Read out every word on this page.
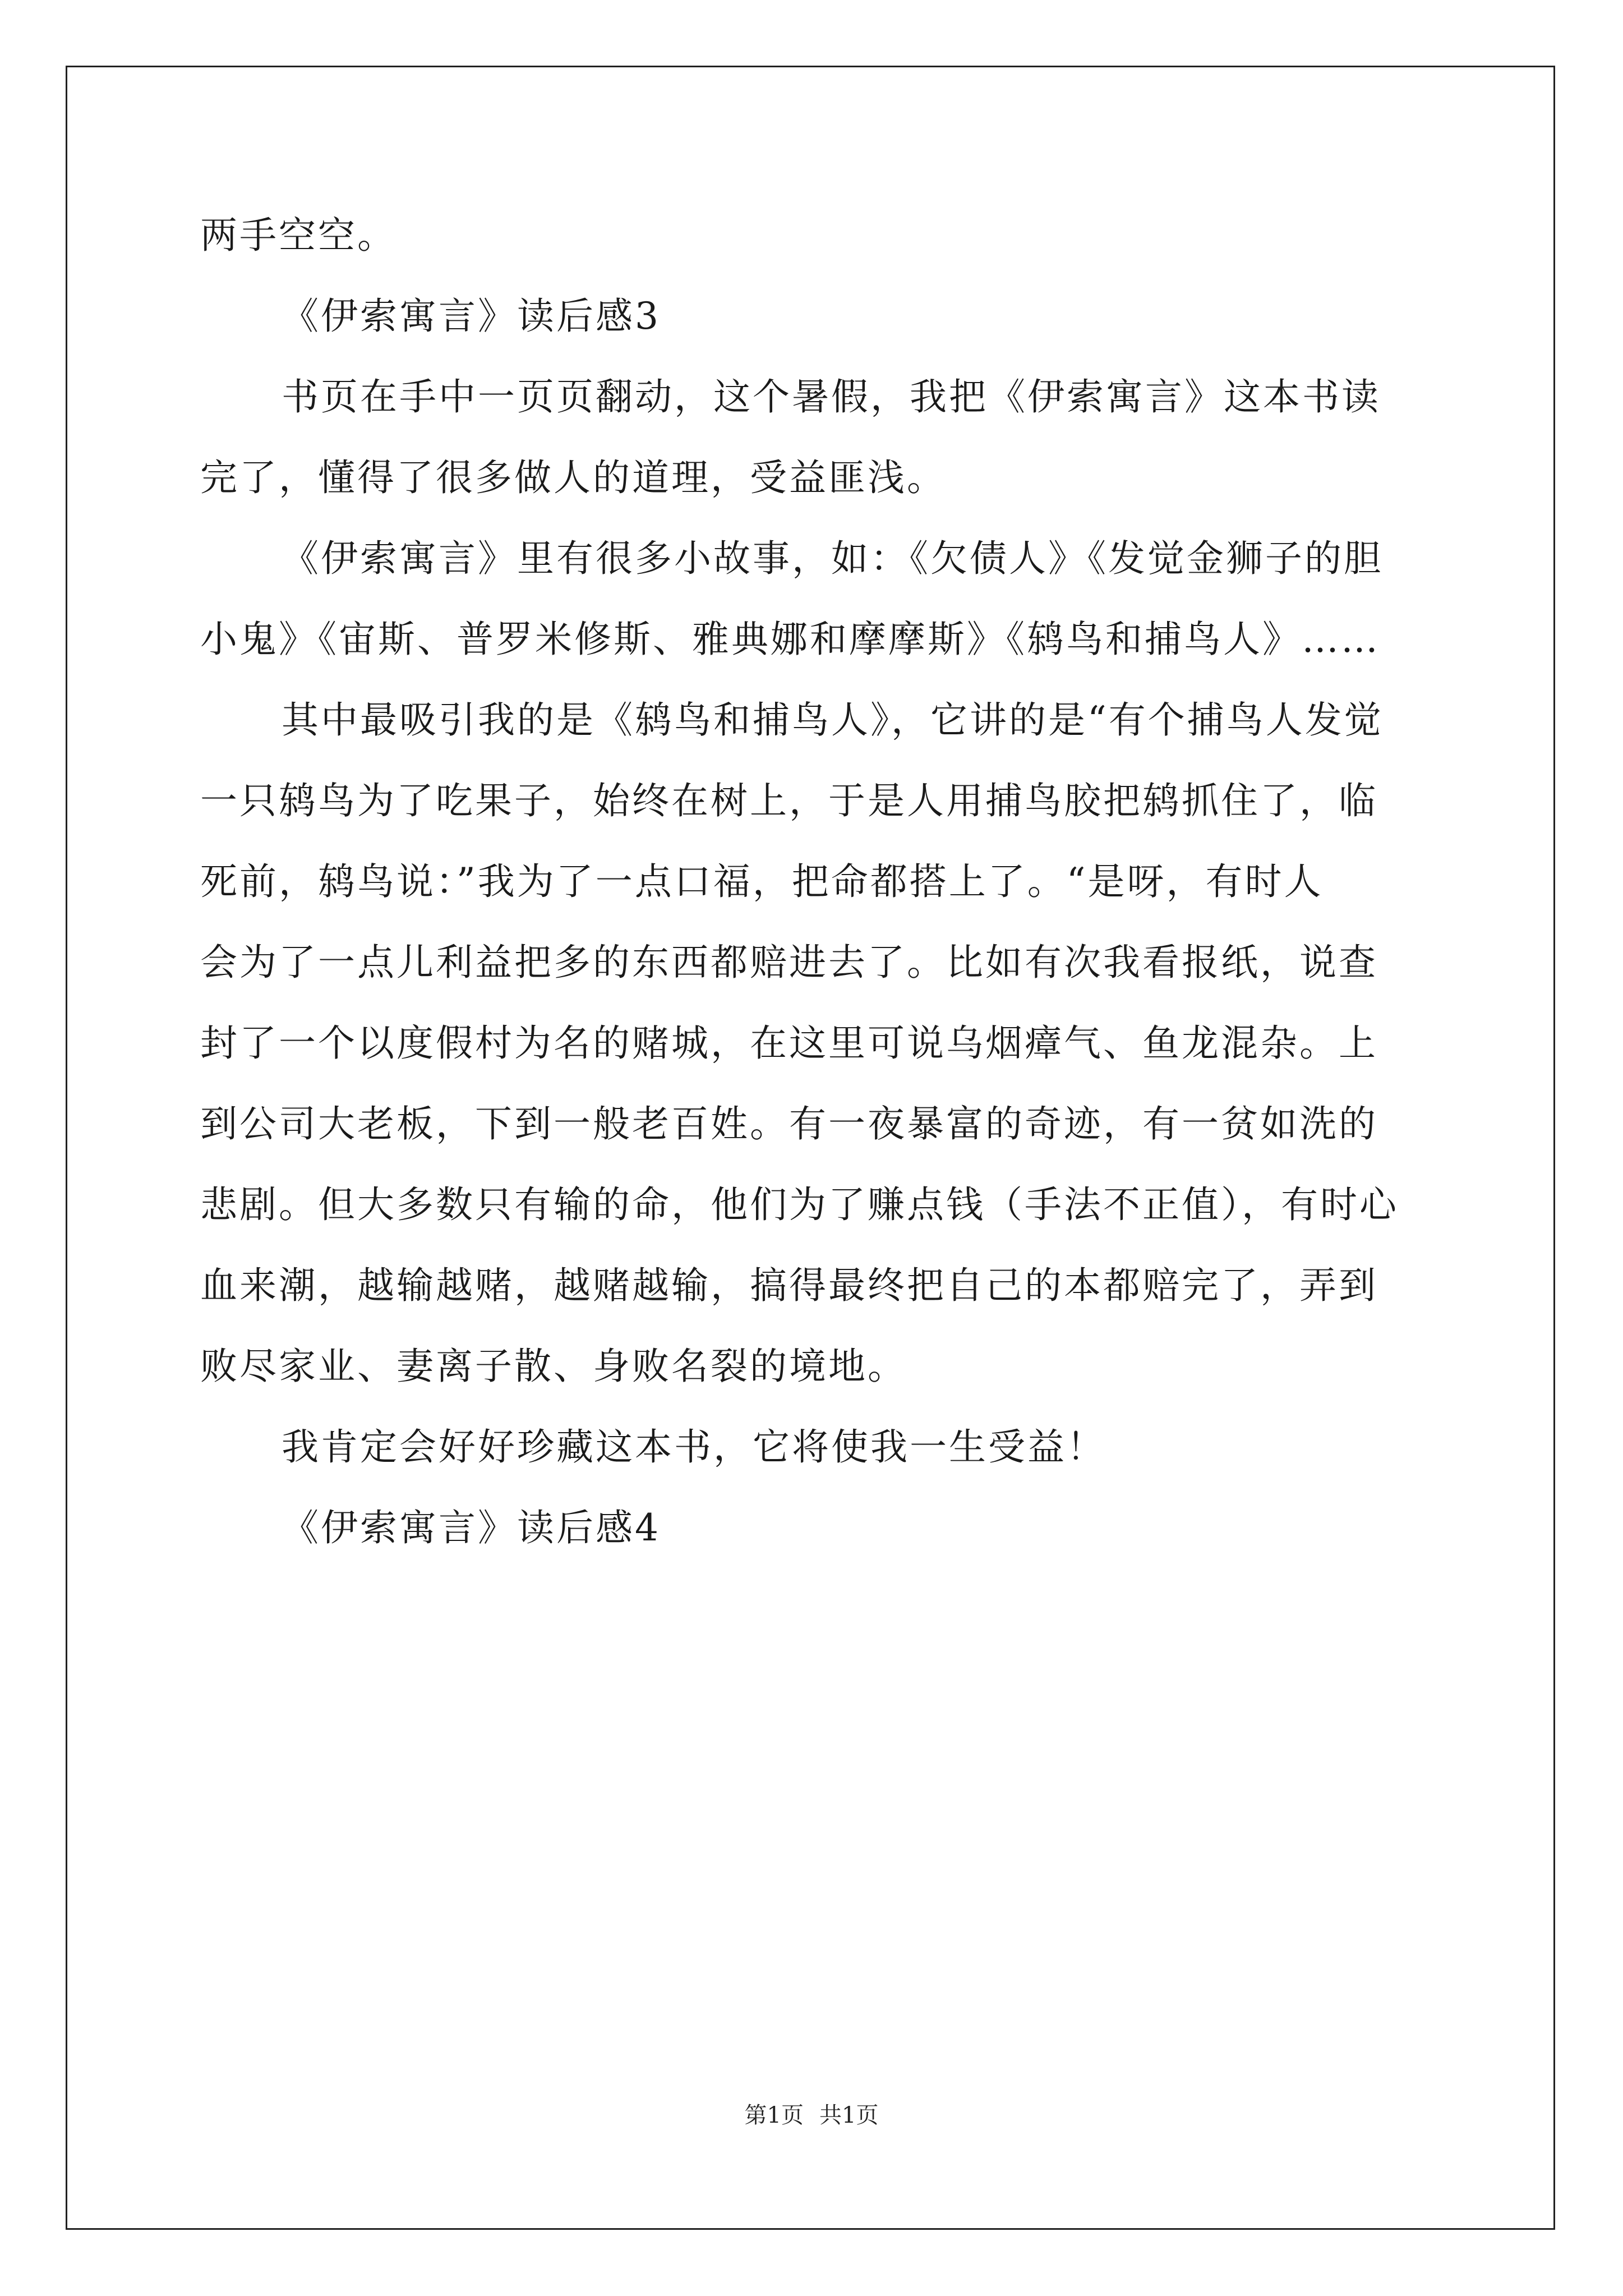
两手空空。
《伊索寓言》读后感3
书页在手中一页页翻动，这个暑假，我把《伊索寓言》这本书读
完了，懂得了很多做人的道理，受益匪浅。
《伊索寓言》里有很多小故事，如：《欠债人》《发觉金狮子的胆
小鬼》《宙斯、普罗米修斯、雅典娜和摩摩斯》《鸫鸟和捕鸟人》……
其中最吸引我的是《鸫鸟和捕鸟人》，它讲的是“有个捕鸟人发觉
一只鸫鸟为了吃果子，始终在树上，于是人用捕鸟胶把鸫抓住了，临
死前，鸫鸟说：”我为了一点口福，把命都搭上了。“是呀，有时人
会为了一点儿利益把多的东西都赔进去了。比如有次我看报纸，说查
封了一个以度假村为名的赌城，在这里可说乌烟瘴气、鱼龙混杂。上
到公司大老板，下到一般老百姓。有一夜暴富的奇迹，有一贫如洗的
悲剧。但大多数只有输的命，他们为了赚点钱（手法不正值），有时心
血来潮，越输越赌，越赌越输，搞得最终把自己的本都赔完了，弄到
败尽家业、妻离子散、身败名裂的境地。
我肯定会好好珍藏这本书，它将使我一生受益！
《伊索寓言》读后感4
第1页 共1页
